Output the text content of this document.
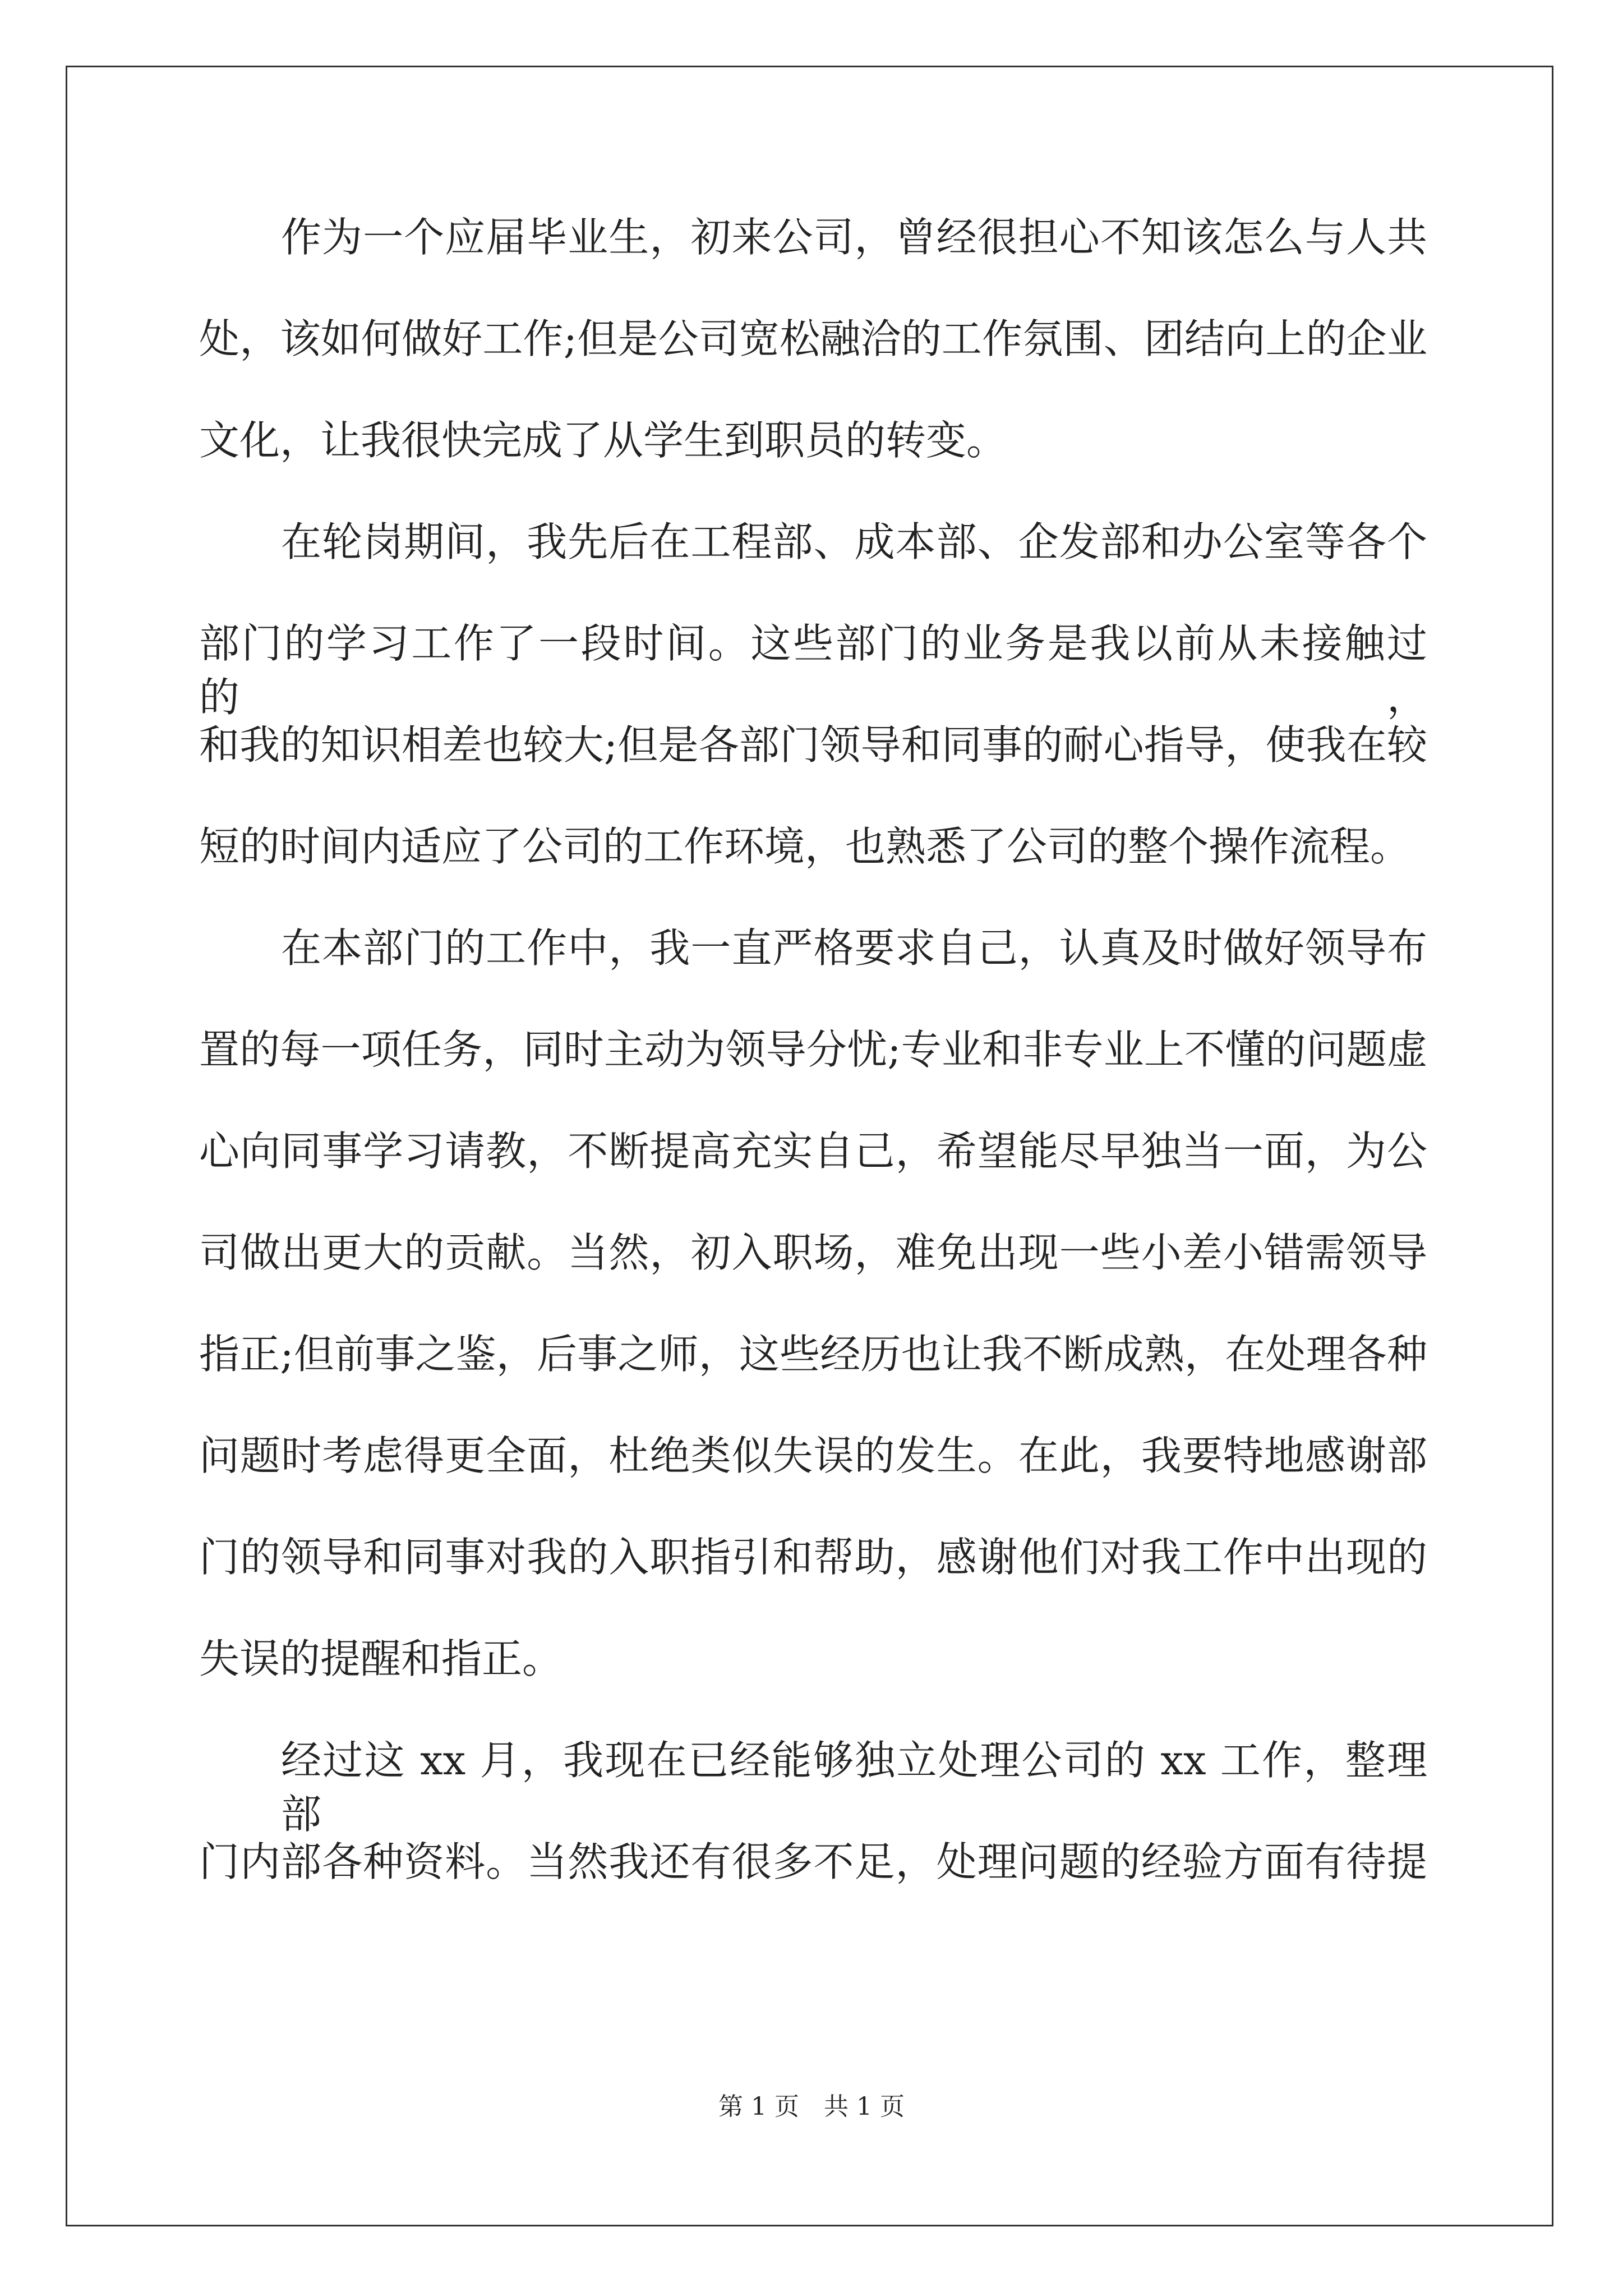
作为一个应届毕业生，初来公司，曾经很担心不知该怎么与人共
处，该如何做好工作;但是公司宽松融洽的工作氛围、团结向上的企业
文化，让我很快完成了从学生到职员的转变。
在轮岗期间，我先后在工程部、成本部、企发部和办公室等各个
部门的学习工作了一段时间。这些部门的业务是我以前从未接触过的，
和我的知识相差也较大;但是各部门领导和同事的耐心指导，使我在较
短的时间内适应了公司的工作环境，也熟悉了公司的整个操作流程。
在本部门的工作中，我一直严格要求自己，认真及时做好领导布
置的每一项任务，同时主动为领导分忧;专业和非专业上不懂的问题虚
心向同事学习请教，不断提高充实自己，希望能尽早独当一面，为公
司做出更大的贡献。当然，初入职场，难免出现一些小差小错需领导
指正;但前事之鉴，后事之师，这些经历也让我不断成熟，在处理各种
问题时考虑得更全面，杜绝类似失误的发生。在此，我要特地感谢部
门的领导和同事对我的入职指引和帮助，感谢他们对我工作中出现的
失误的提醒和指正。
经过这 xx 月，我现在已经能够独立处理公司的 xx 工作，整理部
门内部各种资料。当然我还有很多不足，处理问题的经验方面有待提
第 1 页　共 1 页
